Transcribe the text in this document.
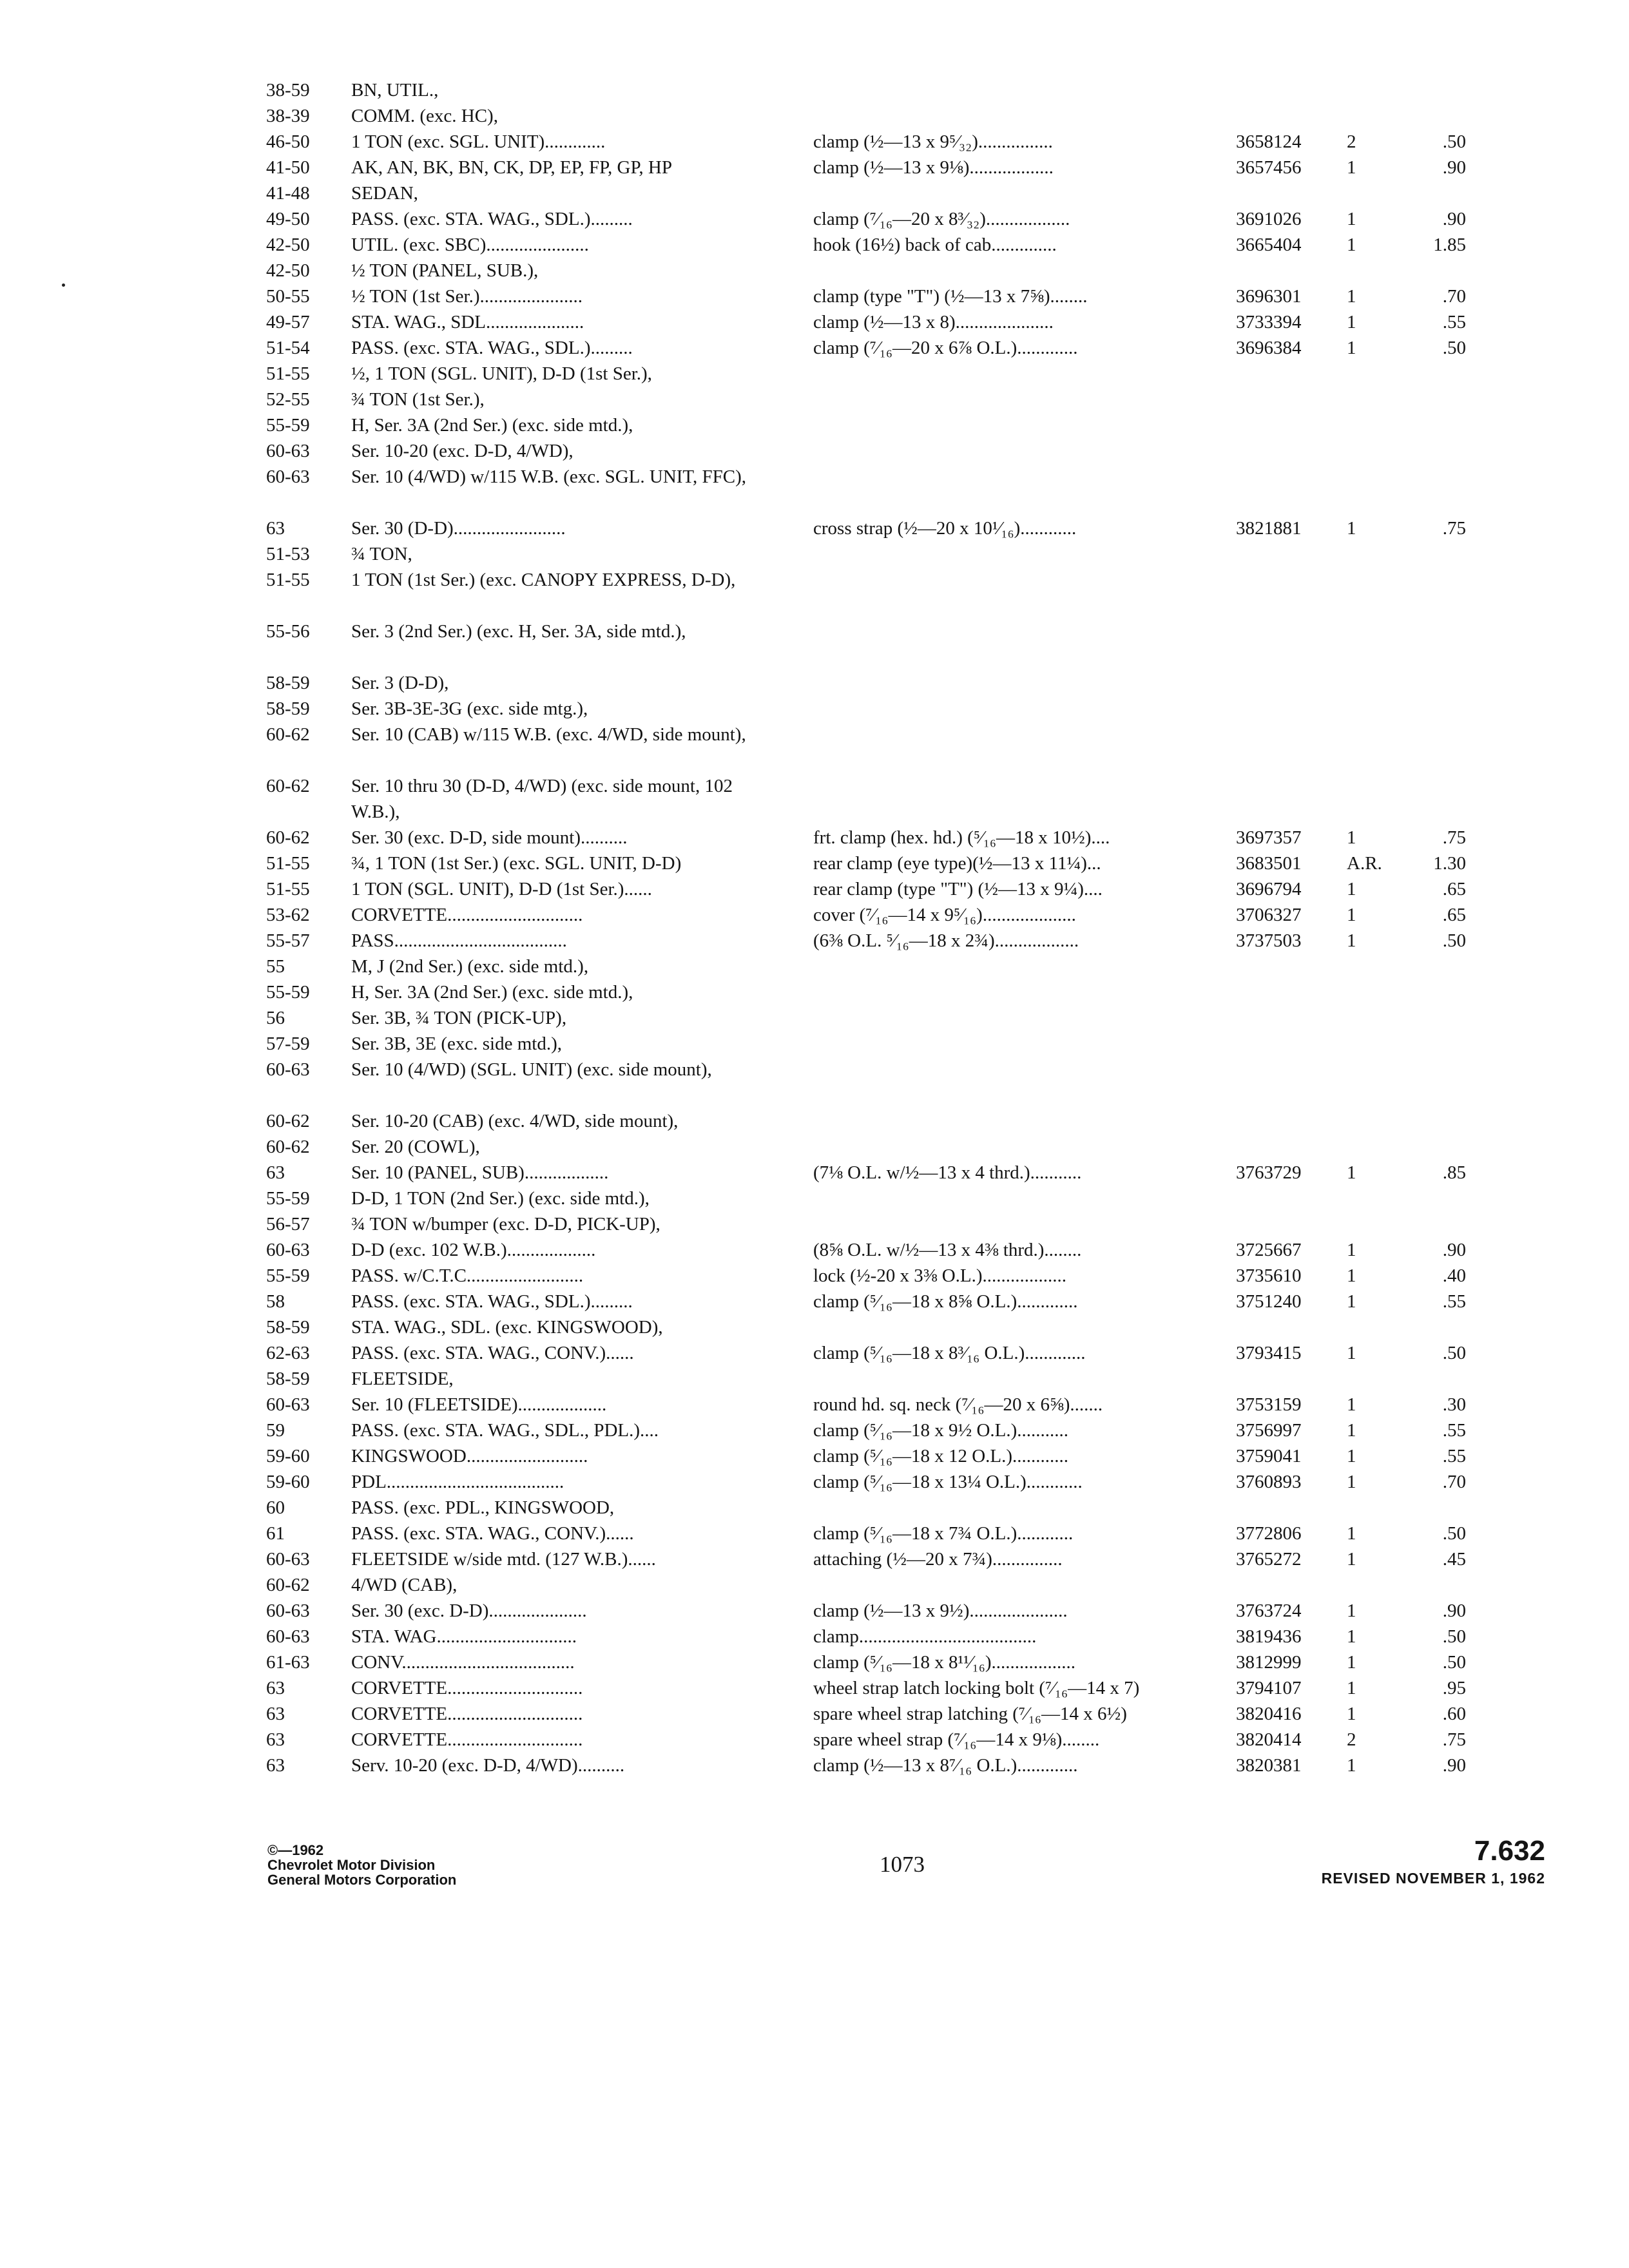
38-59 BN, UTIL.,
38-39 COMM. (exc. HC),
46-50 1 TON (exc. SGL. UNIT).............	clamp (½—13 x 9⁵⁄₃₂)................	3658124 2	.50
41-50 AK, AN, BK, BN, CK, DP, EP, FP, GP, HP	clamp (½—13 x 9⅛)..................	3657456 1	.90
41-48 SEDAN,
49-50 PASS. (exc. STA. WAG., SDL.).........	clamp (⁷⁄₁₆—20 x 8³⁄₃₂)..................	3691026 1	.90
42-50 UTIL. (exc. SBC)......................	hook (16½) back of cab..............	3665404 1	1.85
42-50 ½ TON (PANEL, SUB.),
50-55 ½ TON (1st Ser.)......................	clamp (type "T") (½—13 x 7⅝)........	3696301 1	.70
49-57 STA. WAG., SDL.....................	clamp (½—13 x 8).....................	3733394 1	.55
51-54 PASS. (exc. STA. WAG., SDL.).........	clamp (⁷⁄₁₆—20 x 6⅞ O.L.).............	3696384 1	.50
51-55 ½, 1 TON (SGL. UNIT), D-D (1st Ser.),
52-55 ¾ TON (1st Ser.),
55-59 H, Ser. 3A (2nd Ser.) (exc. side mtd.),
60-63 Ser. 10-20 (exc. D-D, 4/WD),
60-63 Ser. 10 (4/WD) w/115 W.B. (exc. SGL. UNIT, FFC),
63	Ser. 30 (D-D)........................	cross strap (½—20 x 10¹⁄₁₆)............	3821881 1	.75
51-53 ¾ TON,
51-55 1 TON (1st Ser.) (exc. CANOPY EXPRESS, D-D),
55-56 Ser. 3 (2nd Ser.) (exc. H, Ser. 3A, side mtd.),
58-59 Ser. 3 (D-D),
58-59 Ser. 3B-3E-3G (exc. side mtg.),
60-62 Ser. 10 (CAB) w/115 W.B. (exc. 4/WD, side mount),
60-62 Ser. 10 thru 30 (D-D, 4/WD) (exc. side mount, 102 W.B.),
60-62 Ser. 30 (exc. D-D, side mount)..........	frt. clamp (hex. hd.) (⁵⁄₁₆—18 x 10½)....	3697357 1	.75
51-55 ¾, 1 TON (1st Ser.) (exc. SGL. UNIT, D-D)	rear clamp (eye type)(½—13 x 11¼)...	3683501 A.R.	1.30
51-55 1 TON (SGL. UNIT), D-D (1st Ser.)......	rear clamp (type "T") (½—13 x 9¼)....	3696794 1	.65
53-62 CORVETTE.............................	cover (⁷⁄₁₆—14 x 9⁵⁄₁₆)....................	3706327 1	.65
55-57 PASS.....................................	(6⅜ O.L. ⁵⁄₁₆—18 x 2¾)..................	3737503 1	.50
55	M, J (2nd Ser.) (exc. side mtd.),
55-59 H, Ser. 3A (2nd Ser.) (exc. side mtd.),
56	Ser. 3B, ¾ TON (PICK-UP),
57-59 Ser. 3B, 3E (exc. side mtd.),
60-63 Ser. 10 (4/WD) (SGL. UNIT) (exc. side mount),
60-62 Ser. 10-20 (CAB) (exc. 4/WD, side mount),
60-62 Ser. 20 (COWL),
63	Ser. 10 (PANEL, SUB)..................	(7⅛ O.L. w/½—13 x 4 thrd.)...........	3763729 1	.85
55-59 D-D, 1 TON (2nd Ser.) (exc. side mtd.),
56-57 ¾ TON w/bumper (exc. D-D, PICK-UP),
60-63 D-D (exc. 102 W.B.)...................	(8⅝ O.L. w/½—13 x 4⅜ thrd.)........	3725667 1	.90
55-59 PASS. w/C.T.C.........................	lock (½-20 x 3⅜ O.L.)..................	3735610 1	.40
58	PASS. (exc. STA. WAG., SDL.).........	clamp (⁵⁄₁₆—18 x 8⅝ O.L.).............	3751240 1	.55
58-59 STA. WAG., SDL. (exc. KINGSWOOD),
62-63 PASS. (exc. STA. WAG., CONV.)......	clamp (⁵⁄₁₆—18 x 8³⁄₁₆ O.L.).............	3793415 1	.50
58-59 FLEETSIDE,
60-63 Ser. 10 (FLEETSIDE)...................	round hd. sq. neck (⁷⁄₁₆—20 x 6⅝).......	3753159 1	.30
59	PASS. (exc. STA. WAG., SDL., PDL.)....	clamp (⁵⁄₁₆—18 x 9½ O.L.)...........	3756997 1	.55
59-60 KINGSWOOD..........................	clamp (⁵⁄₁₆—18 x 12 O.L.)............	3759041 1	.55
59-60 PDL......................................	clamp (⁵⁄₁₆—18 x 13¼ O.L.)............	3760893 1	.70
60	PASS. (exc. PDL., KINGSWOOD,
61	PASS. (exc. STA. WAG., CONV.)......	clamp (⁵⁄₁₆—18 x 7¾ O.L.)............	3772806 1	.50
60-63 FLEETSIDE w/side mtd. (127 W.B.)......	attaching (½—20 x 7¾)...............	3765272 1	.45
60-62 4/WD (CAB),
60-63 Ser. 30 (exc. D-D).....................	clamp (½—13 x 9½).....................	3763724 1	.90
60-63 STA. WAG..............................	clamp......................................	3819436 1	.50
61-63 CONV.....................................	clamp (⁵⁄₁₆—18 x 8¹¹⁄₁₆)..................	3812999 1	.50
63	CORVETTE.............................	wheel strap latch locking bolt (⁷⁄₁₆—14 x 7)	3794107 1	.95
63	CORVETTE.............................	spare wheel strap latching (⁷⁄₁₆—14 x 6½)	3820416 1	.60
63	CORVETTE.............................	spare wheel strap (⁷⁄₁₆—14 x 9⅛)........	3820414 2	.75
63	Serv. 10-20 (exc. D-D, 4/WD)..........	clamp (½—13 x 8⁷⁄₁₆ O.L.).............	3820381 1	.90
©—1962
Chevrolet Motor Division
General Motors Corporation
1073	7.632
REVISED NOVEMBER 1, 1962
